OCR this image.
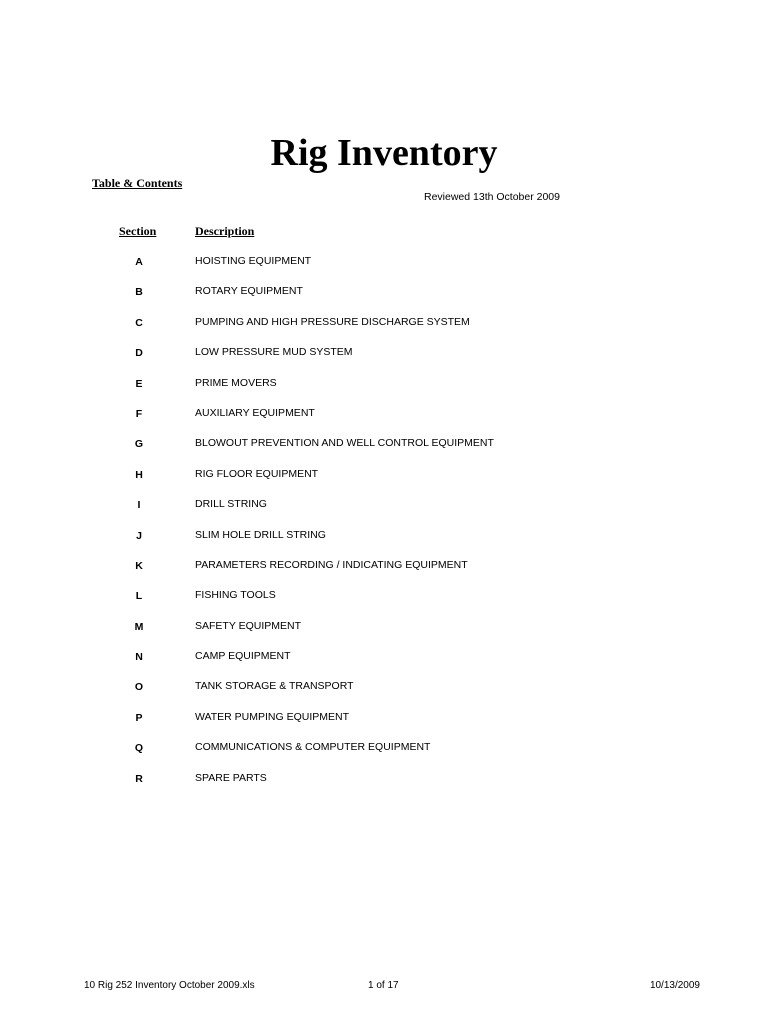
Rig Inventory
Table & Contents
Reviewed 13th October 2009
Section	Description
A	HOISTING EQUIPMENT
B	ROTARY EQUIPMENT
C	PUMPING AND HIGH PRESSURE DISCHARGE SYSTEM
D	LOW PRESSURE MUD SYSTEM
E	PRIME MOVERS
F	AUXILIARY EQUIPMENT
G	BLOWOUT PREVENTION AND WELL CONTROL EQUIPMENT
H	RIG FLOOR EQUIPMENT
I	DRILL STRING
J	SLIM HOLE DRILL STRING
K	PARAMETERS RECORDING / INDICATING EQUIPMENT
L	FISHING TOOLS
M	SAFETY EQUIPMENT
N	CAMP EQUIPMENT
O	TANK STORAGE & TRANSPORT
P	WATER PUMPING EQUIPMENT
Q	COMMUNICATIONS & COMPUTER EQUIPMENT
R	SPARE PARTS
10 Rig 252 Inventory October 2009.xls	1 of 17	10/13/2009
